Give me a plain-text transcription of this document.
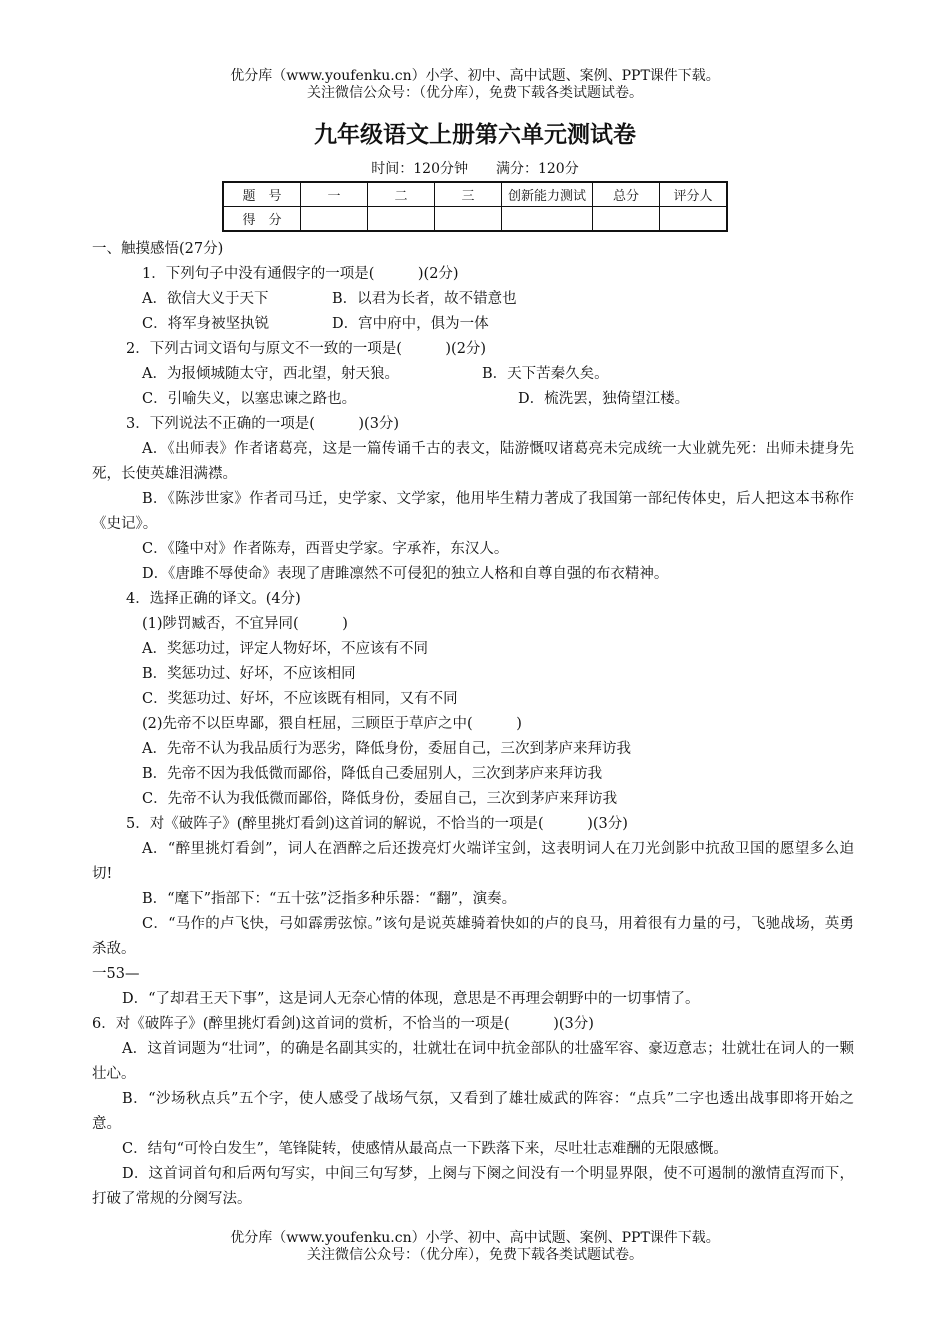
优分库（www.youfenku.cn）小学、初中、高中试题、案例、PPT课件下载。
关注微信公众号：（优分库），免费下载各类试题试卷。
九年级语文上册第六单元测试卷
时间：120分钟　　满分：120分
题　号	一	二	三	创新能力测试	总分	评分人
得　分						

一、触摸感悟(27分)

1．下列句子中没有通假字的一项是(　　　)(2分)

A．欲信大义于天下	B．以君为长者，故不错意也
C．将军身被坚执锐	D．宫中府中，俱为一体

2．下列古词文语句与原文不一致的一项是(　　　)(2分)

A．为报倾城随太守，西北望，射天狼。	B．天下苦秦久矣。
C．引喻失义，以塞忠谏之路也。	D．梳洗罢，独倚望江楼。

3．下列说法不正确的一项是(　　　)(3分)

A．《出师表》作者诸葛亮，这是一篇传诵千古的表文，陆游慨叹诸葛亮未完成统一大业就先死：出师未捷身先死，长使英雄泪满襟。

B．《陈涉世家》作者司马迁，史学家、文学家，他用毕生精力著成了我国第一部纪传体史，后人把这本书称作《史记》。

C．《隆中对》作者陈寿，西晋史学家。字承祚，东汉人。

D．《唐雎不辱使命》表现了唐雎凛然不可侵犯的独立人格和自尊自强的布衣精神。

4．选择正确的译文。(4分)

(1)陟罚臧否，不宜异同(　　　)

A．奖惩功过，评定人物好坏，不应该有不同

B．奖惩功过、好坏，不应该相同

C．奖惩功过、好坏，不应该既有相同，又有不同

(2)先帝不以臣卑鄙，猥自枉屈，三顾臣于草庐之中(　　　)

A．先帝不认为我品质行为恶劣，降低身份，委屈自己，三次到茅庐来拜访我

B．先帝不因为我低微而鄙俗，降低自己委屈别人，三次到茅庐来拜访我

C．先帝不认为我低微而鄙俗，降低身份，委屈自己，三次到茅庐来拜访我

5．对《破阵子》(醉里挑灯看剑)这首词的解说，不恰当的一项是(　　　)(3分)

A．“醉里挑灯看剑”，词人在酒醉之后还拨亮灯火端详宝剑，这表明词人在刀光剑影中抗敌卫国的愿望多么迫切!

B．“麾下”指部下：“五十弦”泛指多种乐器：“翻”，演奏。

C．“马作的卢飞快，弓如霹雳弦惊。”该句是说英雄骑着快如的卢的良马，用着很有力量的弓，飞驰战场，英勇杀敌。

一53—

D．“了却君王天下事”，这是词人无奈心情的体现，意思是不再理会朝野中的一切事情了。

6．对《破阵子》(醉里挑灯看剑)这首词的赏析，不恰当的一项是(　　　)(3分)

A．这首词题为“壮词”，的确是名副其实的，壮就壮在词中抗金部队的壮盛军容、豪迈意志；壮就壮在词人的一颗壮心。

B．“沙场秋点兵”五个字，使人感受了战场气氛，又看到了雄壮威武的阵容：“点兵”二字也透出战事即将开始之意。

C．结句“可怜白发生”，笔锋陡转，使感情从最高点一下跌落下来，尽吐壮志难酬的无限感慨。

D．这首词首句和后两句写实，中间三句写梦，上阕与下阕之间没有一个明显界限，使不可遏制的激情直泻而下，打破了常规的分阕写法。

优分库（www.youfenku.cn）小学、初中、高中试题、案例、PPT课件下载。
关注微信公众号：（优分库），免费下载各类试题试卷。
